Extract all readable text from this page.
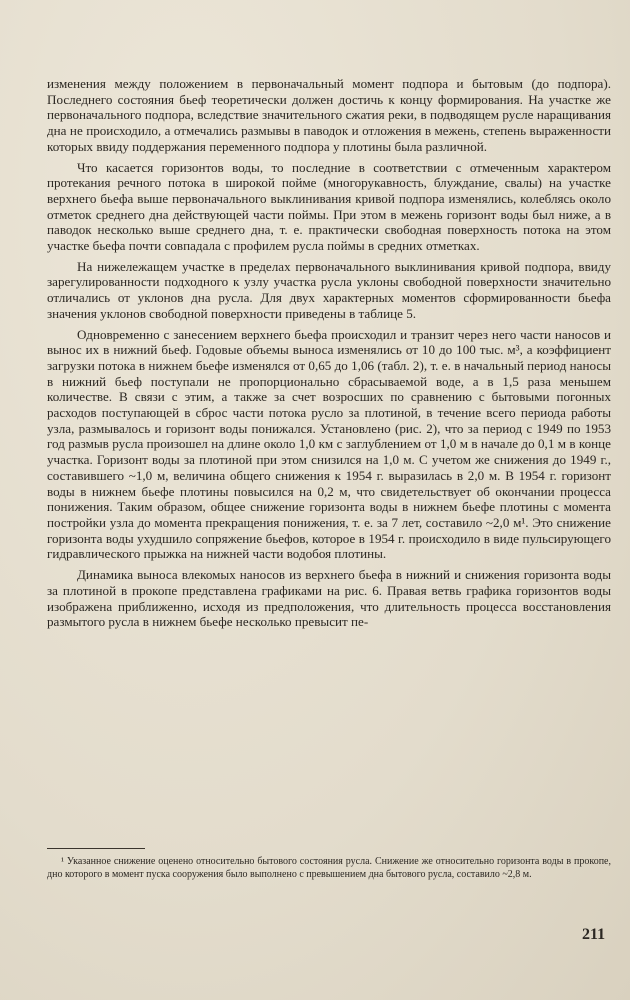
изменения между положением в первоначальный момент подпора и бытовым (до подпора). Последнего состояния бьеф теоретически должен достичь к концу формирования. На участке же первоначального подпора, вследствие значительного сжатия реки, в подводящем русле наращивания дна не происходило, а отмечались размывы в паводок и отложения в межень, степень выраженности которых ввиду поддержания переменного подпора у плотины была различной.

Что касается горизонтов воды, то последние в соответствии с отмеченным характером протекания речного потока в широкой пойме (многорукавность, блуждание, свалы) на участке верхнего бьефа выше первоначального выклинивания кривой подпора изменялись, колеблясь около отметок среднего дна действующей части поймы. При этом в межень горизонт воды был ниже, а в паводок несколько выше среднего дна, т. е. практически свободная поверхность потока на этом участке бьефа почти совпадала с профилем русла поймы в средних отметках.

На нижележащем участке в пределах первоначального выклинивания кривой подпора, ввиду зарегулированности подходного к узлу участка русла уклоны свободной поверхности значительно отличались от уклонов дна русла. Для двух характерных моментов сформированности бьефа значения уклонов свободной поверхности приведены в таблице 5.

Одновременно с занесением верхнего бьефа происходил и транзит через него части наносов и вынос их в нижний бьеф. Годовые объемы выноса изменялись от 10 до 100 тыс. м³, а коэффициент загрузки потока в нижнем бьефе изменялся от 0,65 до 1,06 (табл. 2), т. е. в начальный период наносы в нижний бьеф поступали не пропорционально сбрасываемой воде, а в 1,5 раза меньшем количестве. В связи с этим, а также за счет возросших по сравнению с бытовыми погонных расходов поступающей в сброс части потока русло за плотиной, в течение всего периода работы узла, размывалось и горизонт воды понижался. Установлено (рис. 2), что за период с 1949 по 1953 год размыв русла произошел на длине около 1,0 км с заглублением от 1,0 м в начале до 0,1 м в конце участка. Горизонт воды за плотиной при этом снизился на 1,0 м. С учетом же снижения до 1949 г., составившего ~1,0 м, величина общего снижения к 1954 г. выразилась в 2,0 м. В 1954 г. горизонт воды в нижнем бьефе плотины повысился на 0,2 м, что свидетельствует об окончании процесса понижения. Таким образом, общее снижение горизонта воды в нижнем бьефе плотины с момента постройки узла до момента прекращения понижения, т. е. за 7 лет, составило ~2,0 м¹. Это снижение горизонта воды ухудшило сопряжение бьефов, которое в 1954 г. происходило в виде пульсирующего гидравлического прыжка на нижней части водобоя плотины.

Динамика выноса влекомых наносов из верхнего бьефа в нижний и снижения горизонта воды за плотиной в прокопе представлена графиками на рис. 6. Правая ветвь графика горизонтов воды изображена приближенно, исходя из предположения, что длительность процесса восстановления размытого русла в нижнем бьефе несколько превысит пе-

¹ Указанное снижение оценено относительно бытового состояния русла. Снижение же относительно горизонта воды в прокопе, дно которого в момент пуска сооружения было выполнено с превышением дна бытового русла, составило ~2,8 м.

211
